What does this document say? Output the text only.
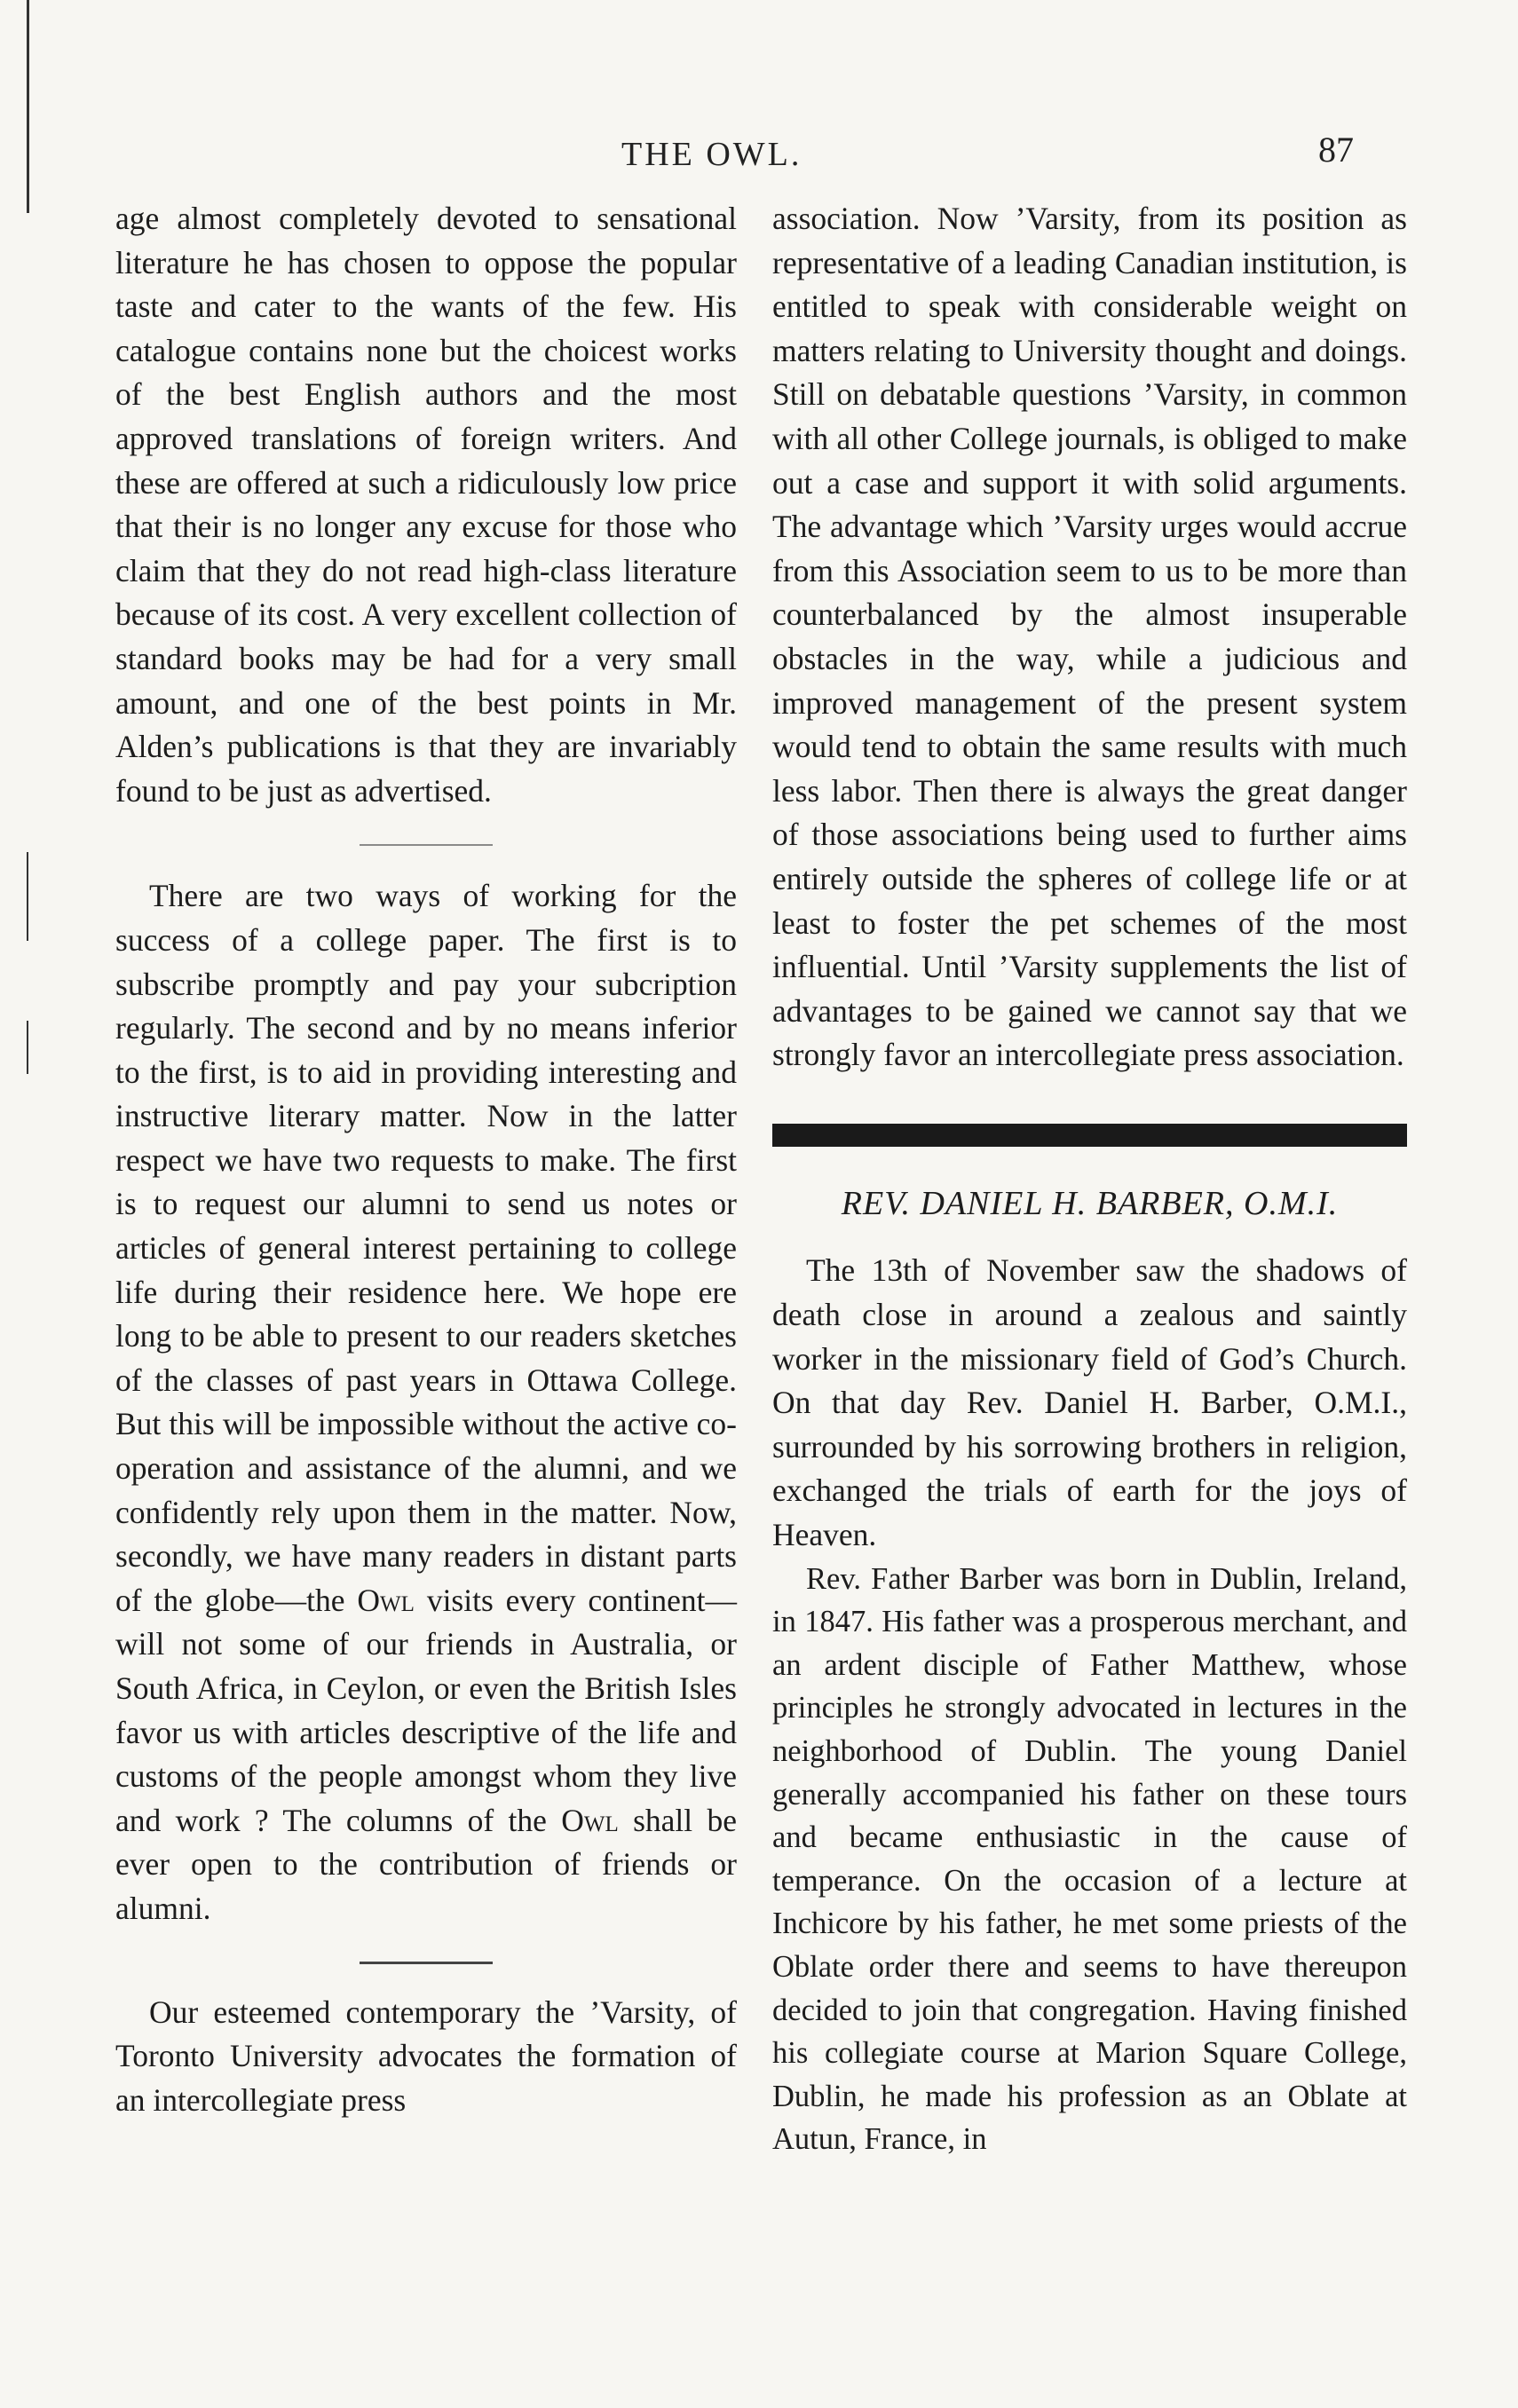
THE OWL.	87

age almost completely devoted to sensational literature he has chosen to oppose the popular taste and cater to the wants of the few. His catalogue contains none but the choicest works of the best English authors and the most approved translations of foreign writers. And these are offered at such a ridiculously low price that their is no longer any excuse for those who claim that they do not read high-class literature because of its cost. A very excellent collection of standard books may be had for a very small amount, and one of the best points in Mr. Alden’s publications is that they are invariably found to be just as advertised.

There are two ways of working for the success of a college paper. The first is to subscribe promptly and pay your subcription regularly. The second and by no means inferior to the first, is to aid in providing interesting and instructive literary matter. Now in the latter respect we have two requests to make. The first is to request our alumni to send us notes or articles of general interest pertaining to college life during their residence here. We hope ere long to be able to present to our readers sketches of the classes of past years in Ottawa College. But this will be impossible without the active co-operation and assistance of the alumni, and we confidently rely upon them in the matter. Now, secondly, we have many readers in distant parts of the globe—the Owl visits every continent—will not some of our friends in Australia, or South Africa, in Ceylon, or even the British Isles favor us with articles descriptive of the life and customs of the people amongst whom they live and work ? The columns of the Owl shall be ever open to the contribution of friends or alumni.

Our esteemed contemporary the ’Varsity, of Toronto University advocates the formation of an intercollegiate press

association. Now ’Varsity, from its position as representative of a leading Canadian institution, is entitled to speak with considerable weight on matters relating to University thought and doings. Still on debatable questions ’Varsity, in common with all other College journals, is obliged to make out a case and support it with solid arguments. The advantage which ’Varsity urges would accrue from this Association seem to us to be more than counterbalanced by the almost insuperable obstacles in the way, while a judicious and improved management of the present system would tend to obtain the same results with much less labor. Then there is always the great danger of those associations being used to further aims entirely outside the spheres of college life or at least to foster the pet schemes of the most influential. Until ’Varsity supplements the list of advantages to be gained we cannot say that we strongly favor an intercollegiate press association.

REV. DANIEL H. BARBER, O.M.I.

The 13th of November saw the shadows of death close in around a zealous and saintly worker in the missionary field of God’s Church. On that day Rev. Daniel H. Barber, O.M.I., surrounded by his sorrowing brothers in religion, exchanged the trials of earth for the joys of Heaven.

Rev. Father Barber was born in Dublin, Ireland, in 1847. His father was a prosperous merchant, and an ardent disciple of Father Matthew, whose principles he strongly advocated in lectures in the neighborhood of Dublin. The young Daniel generally accompanied his father on these tours and became enthusiastic in the cause of temperance. On the occasion of a lecture at Inchicore by his father, he met some priests of the Oblate order there and seems to have thereupon decided to join that congregation. Having finished his collegiate course at Marion Square College, Dublin, he made his profession as an Oblate at Autun, France, in
